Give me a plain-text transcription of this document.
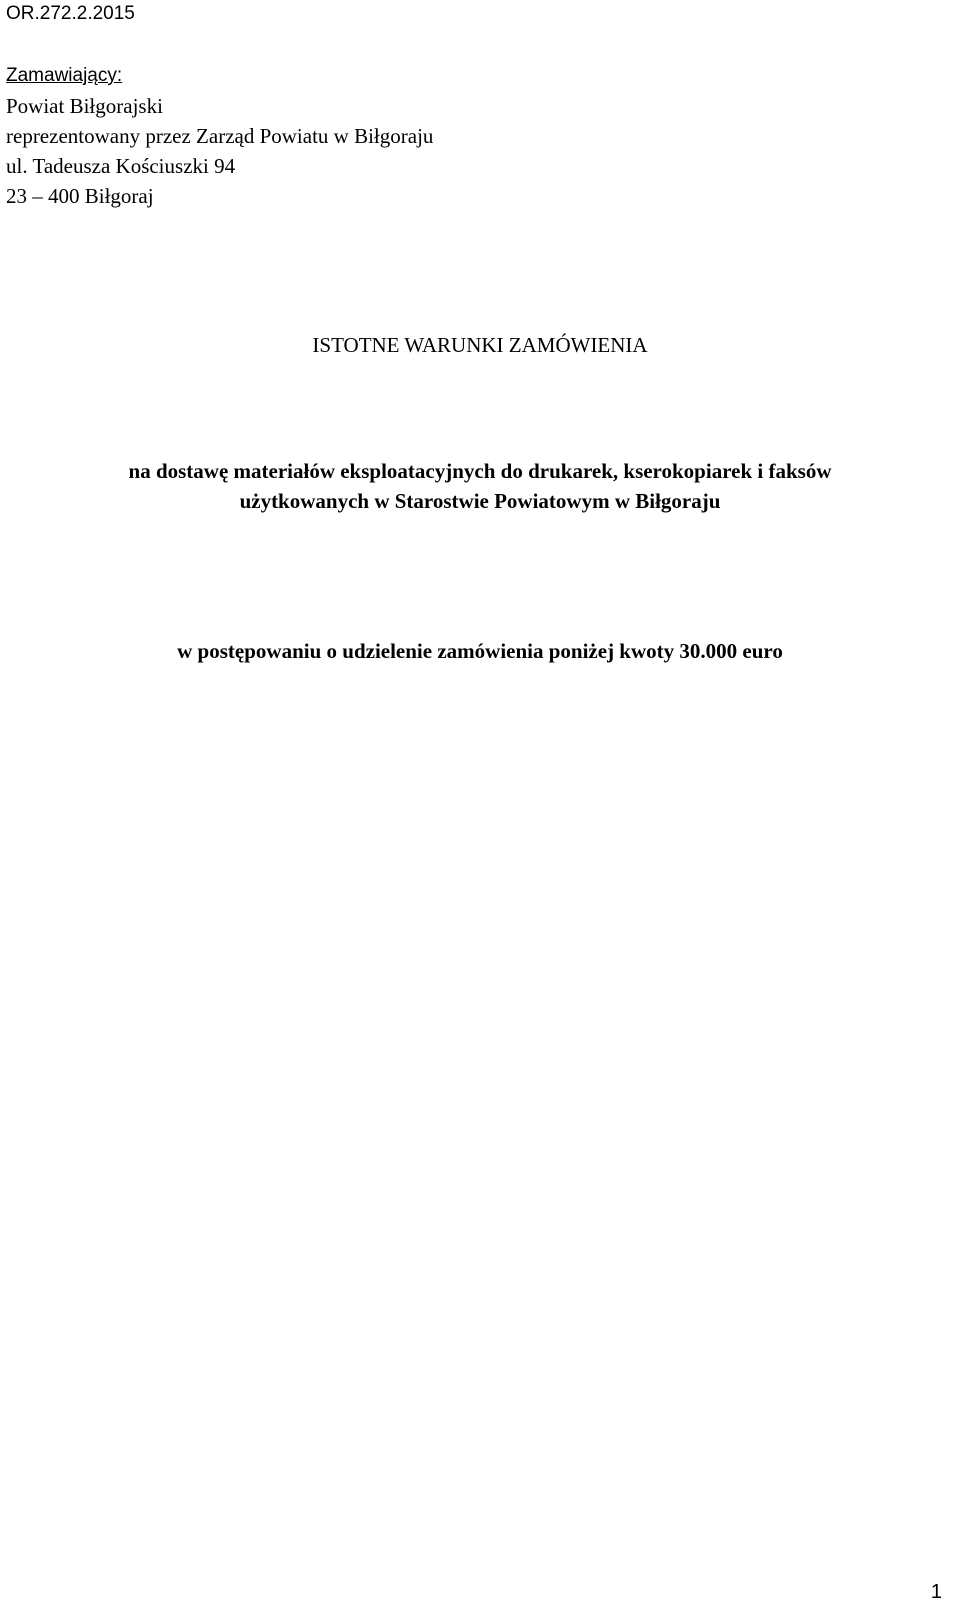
OR.272.2.2015
Zamawiający:
Powiat Biłgorajski
reprezentowany przez Zarząd Powiatu w Biłgoraju
ul. Tadeusza Kościuszki 94
23 – 400 Biłgoraj
ISTOTNE WARUNKI ZAMÓWIENIA
na dostawę materiałów eksploatacyjnych do drukarek, kserokopiarek i faksów
użytkowanych w Starostwie Powiatowym w Biłgoraju
w postępowaniu o udzielenie zamówienia poniżej kwoty 30.000 euro
1
